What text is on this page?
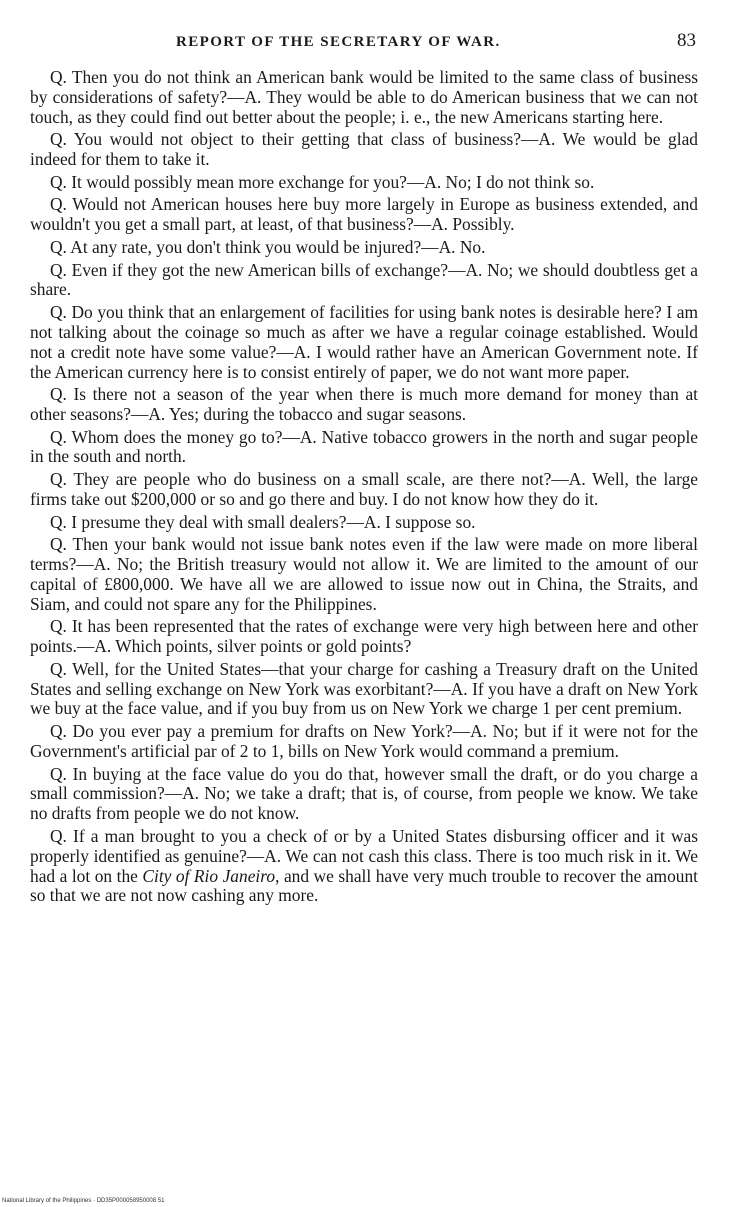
REPORT OF THE SECRETARY OF WAR.	83

Q. Then you do not think an American bank would be limited to the same class of business by considerations of safety?—A. They would be able to do American business that we can not touch, as they could find out better about the people; i. e., the new Americans starting here.

Q. You would not object to their getting that class of business?—A. We would be glad indeed for them to take it.

Q. It would possibly mean more exchange for you?—A. No; I do not think so.

Q. Would not American houses here buy more largely in Europe as business extended, and wouldn't you get a small part, at least, of that business?—A. Possibly.

Q. At any rate, you don't think you would be injured?—A. No.

Q. Even if they got the new American bills of exchange?—A. No; we should doubtless get a share.

Q. Do you think that an enlargement of facilities for using bank notes is desirable here? I am not talking about the coinage so much as after we have a regular coinage established. Would not a credit note have some value?—A. I would rather have an American Government note. If the American currency here is to consist entirely of paper, we do not want more paper.

Q. Is there not a season of the year when there is much more demand for money than at other seasons?—A. Yes; during the tobacco and sugar seasons.

Q. Whom does the money go to?—A. Native tobacco growers in the north and sugar people in the south and north.

Q. They are people who do business on a small scale, are there not?—A. Well, the large firms take out $200,000 or so and go there and buy. I do not know how they do it.

Q. I presume they deal with small dealers?—A. I suppose so.

Q. Then your bank would not issue bank notes even if the law were made on more liberal terms?—A. No; the British treasury would not allow it. We are limited to the amount of our capital of £800,000. We have all we are allowed to issue now out in China, the Straits, and Siam, and could not spare any for the Philippines.

Q. It has been represented that the rates of exchange were very high between here and other points.—A. Which points, silver points or gold points?

Q. Well, for the United States—that your charge for cashing a Treasury draft on the United States and selling exchange on New York was exorbitant?—A. If you have a draft on New York we buy at the face value, and if you buy from us on New York we charge 1 per cent premium.

Q. Do you ever pay a premium for drafts on New York?—A. No; but if it were not for the Government's artificial par of 2 to 1, bills on New York would command a premium.

Q. In buying at the face value do you do that, however small the draft, or do you charge a small commission?—A. No; we take a draft; that is, of course, from people we know. We take no drafts from people we do not know.

Q. If a man brought to you a check of or by a United States disbursing officer and it was properly identified as genuine?—A. We can not cash this class. There is too much risk in it. We had a lot on the City of Rio Janeiro, and we shall have very much trouble to recover the amount so that we are not now cashing any more.

National Library of the Philippines · DD35P000058950008 51
